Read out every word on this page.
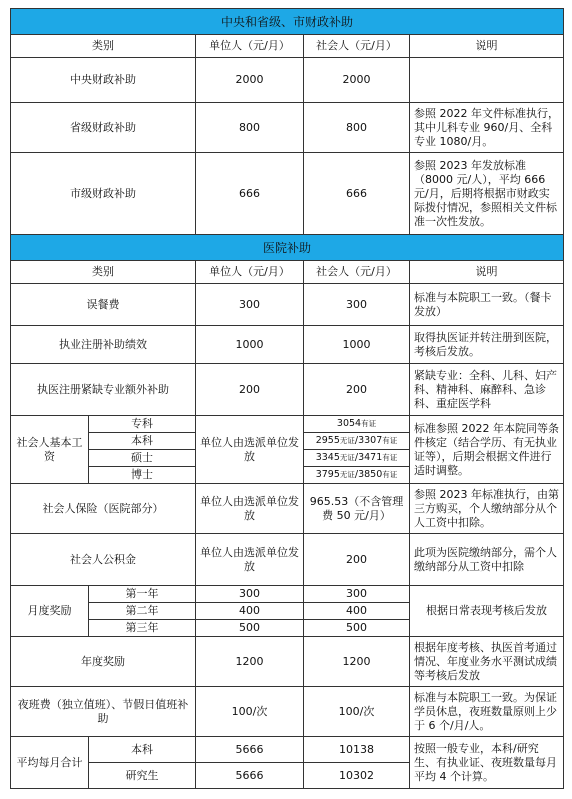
中央和省级、市财政补助				
类别		单位人（元/月）	社会人（元/月）	说明
中央财政补助		2000	2000	
省级财政补助		800	800	参照 2022 年文件标准执行，其中儿科专业 960/月、全科专业 1080/月。
市级财政补助		666	666	参照 2023 年发放标准（8000 元/人），平均 666 元/月，后期将根据市财政实际拨付情况，参照相关文件标准一次性发放。
医院补助				
类别		单位人（元/月）	社会人（元/月）	说明
误餐费		300	300	标准与本院职工一致。（餐卡发放）
执业注册补助绩效		1000	1000	取得执医证并转注册到医院，考核后发放。
执医注册紧缺专业额外补助		200	200	紧缺专业：全科、儿科、妇产科、精神科、麻醉科、急诊科、重症医学科
社会人基本工资	专科	单位人由选派单位发放	3054有证	标准参照 2022 年本院同等条件核定（结合学历、有无执业证等），后期会根据文件进行适时调整。
	本科		2955无证/3307有证	
	硕士		3345无证/3471有证	
	博士		3795无证/3850有证	
社会人保险（医院部分）		单位人由选派单位发放	965.53（不含管理费 50 元/月）	参照 2023 年标准执行，由第三方购买，个人缴纳部分从个人工资中扣除。
社会人公积金		单位人由选派单位发放	200	此项为医院缴纳部分，需个人缴纳部分从工资中扣除
月度奖励	第一年	300	300	根据日常表现考核后发放
	第二年	400	400	
	第三年	500	500	
年度奖励		1200	1200	根据年度考核、执医首考通过情况、年度业务水平测试成绩等考核后发放
夜班费（独立值班）、节假日值班补助		100/次	100/次	标准与本院职工一致。为保证学员休息，夜班数量原则上少于 6 个/月/人。
平均每月合计	本科	5666	10138	按照一般专业，本科/研究生、有执业证、夜班数量每月平均 4 个计算。
	研究生	5666	10302	
